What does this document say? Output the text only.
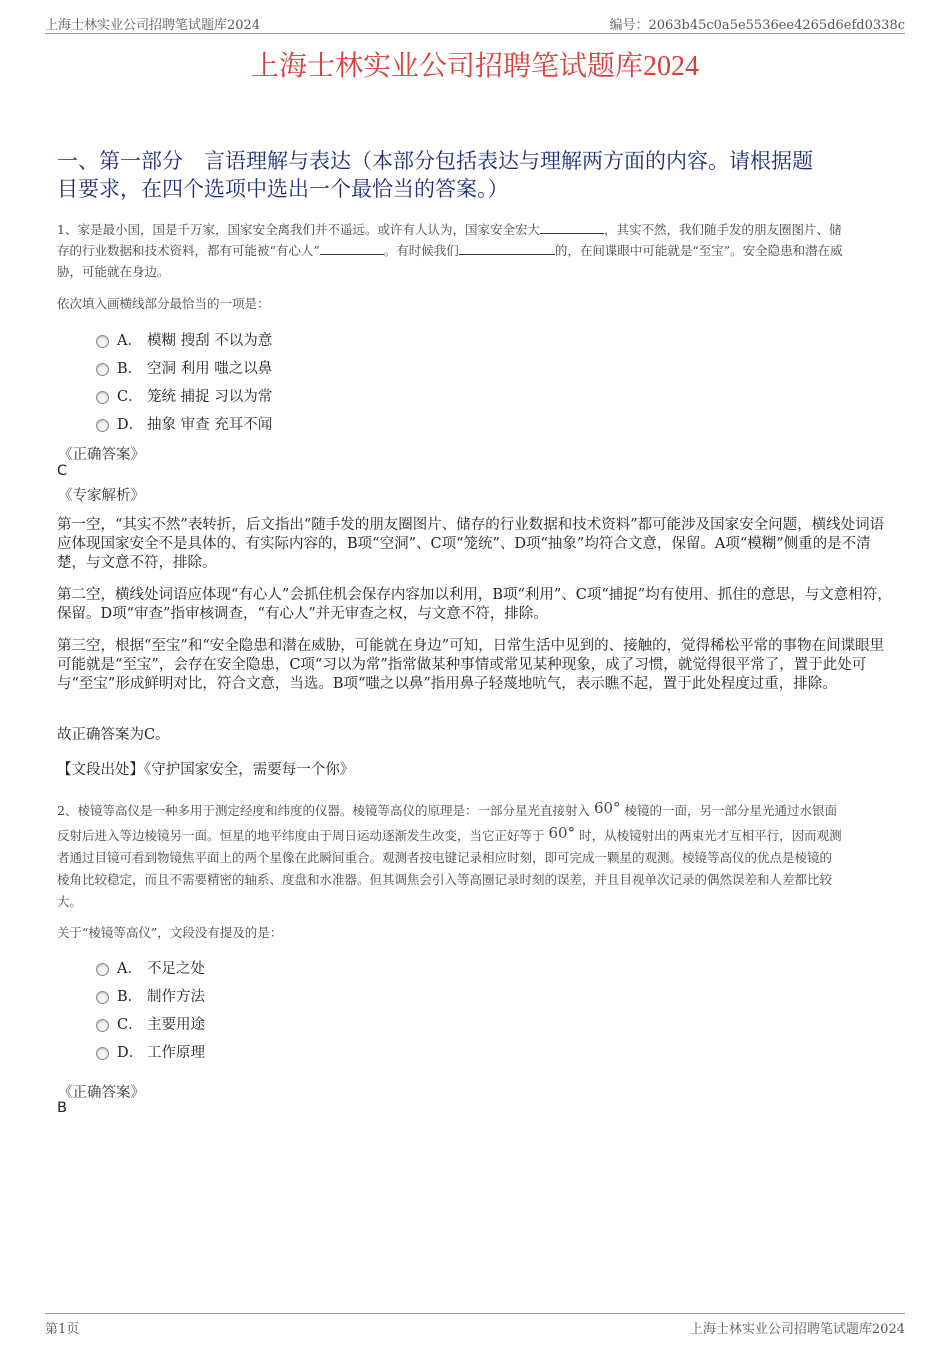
上海士林实业公司招聘笔试题库2024	编号：2063b45c0a5e5536ee4265d6efd0338c
上海士林实业公司招聘笔试题库2024
一、第一部分　言语理解与表达（本部分包括表达与理解两方面的内容。请根据题
目要求，在四个选项中选出一个最恰当的答案。）
1、家是最小国，国是千万家，国家安全离我们并不遥远。或许有人认为，国家安全宏大	，其实不然，我们随手发的朋友圈图片、储
存的行业数据和技术资料，都有可能被“有心人”	。有时候我们	的，在间谍眼中可能就是“至宝”。安全隐患和潜在威
胁，可能就在身边。
依次填入画横线部分最恰当的一项是：
A． 模糊 搜刮 不以为意
B． 空洞 利用 嗤之以鼻
C． 笼统 捕捉 习以为常
D． 抽象 审查 充耳不闻
《正确答案》
C
《专家解析》
第一空，“其实不然”表转折，后文指出“随手发的朋友圈图片、储存的行业数据和技术资料”都可能涉及国家安全问题，横线处词语应体现国家安全不是具体的、有实际内容的，B项“空洞”、C项“笼统”、D项“抽象”均符合文意，保留。A项“模糊”侧重的是不清楚，与文意不符，排除。
第二空，横线处词语应体现“有心人”会抓住机会保存内容加以利用，B项“利用”、C项“捕捉”均有使用、抓住的意思，与文意相符，保留。D项“审查”指审核调查，“有心人”并无审查之权，与文意不符，排除。
第三空，根据“至宝”和“安全隐患和潜在威胁，可能就在身边”可知，日常生活中见到的、接触的，觉得稀松平常的事物在间谍眼里可能就是“至宝”，会存在安全隐患，C项“习以为常”指常做某种事情或常见某种现象，成了习惯，就觉得很平常了，置于此处可与“至宝”形成鲜明对比，符合文意，当选。B项“嗤之以鼻”指用鼻子轻蔑地吭气，表示瞧不起，置于此处程度过重，排除。
故正确答案为C。
【文段出处】《守护国家安全，需要每一个你》
2、棱镜等高仪是一种多用于测定经度和纬度的仪器。棱镜等高仪的原理是：一部分星光直接射入 60° 棱镜的一面，另一部分星光通过水银面
反射后进入等边棱镜另一面。恒星的地平纬度由于周日运动逐渐发生改变，当它正好等于 60° 时，从棱镜射出的两束光才互相平行，因而观测
者通过目镜可看到物镜焦平面上的两个星像在此瞬间重合。观测者按电键记录相应时刻，即可完成一颗星的观测。棱镜等高仪的优点是棱镜的
棱角比较稳定，而且不需要精密的轴系、度盘和水准器。但其调焦会引入等高圈记录时刻的误差，并且目视单次记录的偶然误差和人差都比较
大。
关于“棱镜等高仪”，文段没有提及的是：
A． 不足之处
B． 制作方法
C． 主要用途
D． 工作原理
《正确答案》
B
第1页	上海士林实业公司招聘笔试题库2024
